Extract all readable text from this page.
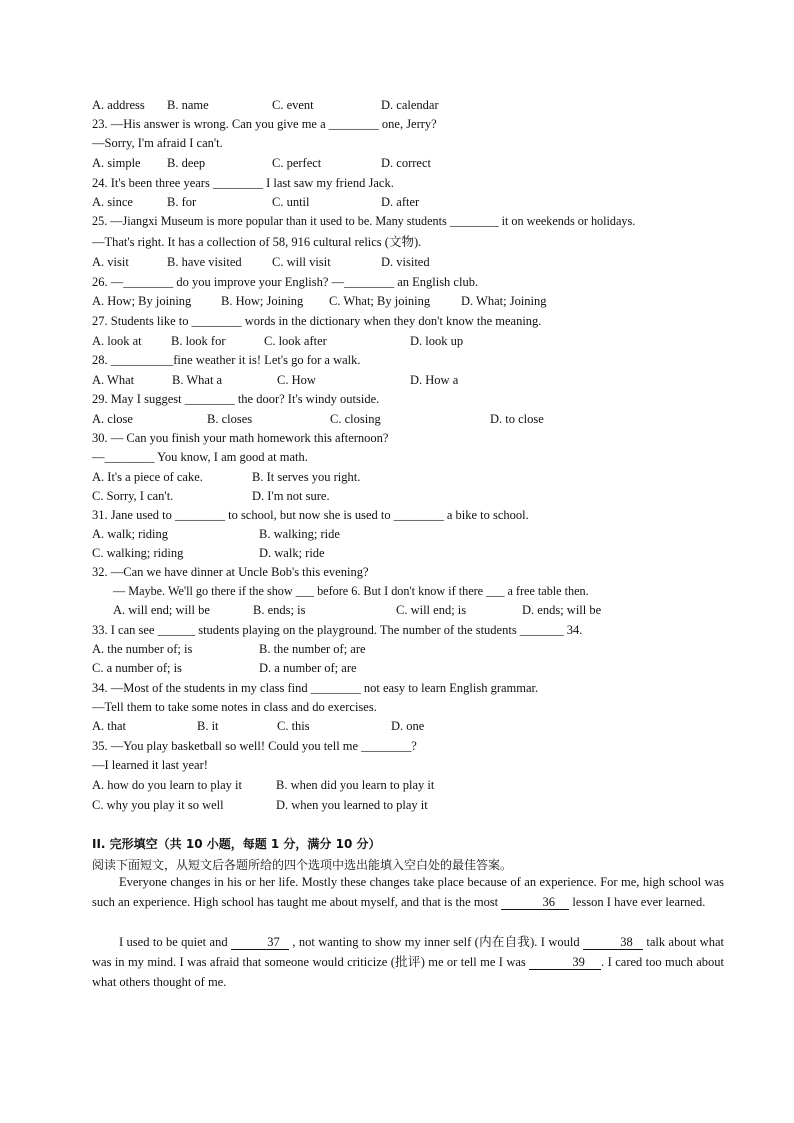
A. address B. name	C. event	D. calendar
23. —His answer is wrong. Can you give me a ________ one, Jerry?
—Sorry, I'm afraid I can't.
A. simple B. deep	C. perfect	D. correct
24. It's been three years ________ I last saw my friend Jack.
A. since	B. for	C. until	D. after
25. —Jiangxi Museum is more popular than it used to be. Many students ________ it on weekends or holidays.
—That's right. It has a collection of 58, 916 cultural relics (文物).
A. visit	B. have visited C. will visit	D. visited
26. —________ do you improve your English? —________ an English club.
A. How; By joining B. How; Joining C. What; By joining D. What; Joining
27. Students like to ________ words in the dictionary when they don't know the meaning.
A. look at B. look for	C. look after	D. look up
28. __________fine weather it is! Let's go for a walk.
A. What	B. What a	C. How	D. How a
29. May I suggest ________ the door? It's windy outside.
A. close	B. closes	C. closing	D. to close
30. — Can you finish your math homework this afternoon?
—________ You know, I am good at math.
A. It's a piece of cake.	B. It serves you right.
C. Sorry, I can't.	D. I'm not sure.
31. Jane used to ________ to school, but now she is used to ________ a bike to school.
A. walk; riding	B. walking; ride
C. walking; riding	D. walk; ride
32. —Can we have dinner at Uncle Bob's this evening?
— Maybe. We'll go there if the show ___ before 6. But I don't know if there ___ a free table then.
A. will end; will be	B. ends; is	C. will end; is	D. ends; will be
33. I can see ______ students playing on the playground. The number of the students _______ 34.
A. the number of; is	B. the number of; are
C. a number of; is	D. a number of; are
34. —Most of the students in my class find ________ not easy to learn English grammar.
—Tell them to take some notes in class and do exercises.
A. that	B. it	C. this	D. one
35. —You play basketball so well! Could you tell me ________?
—I learned it last year!
A. how do you learn to play it	B. when did you learn to play it
C. why you play it so well	D. when you learned to play it
II. 完形填空（共 10 小题，每题 1 分，满分 10 分）
阅读下面短文，从短文后各题所给的四个选项中选出能填入空白处的最佳答案。
Everyone changes in his or her life. Mostly these changes take place because of an experience. For me, high school was such an experience. High school has taught me about myself, and that is the most	36 lesson I have ever learned.
I used to be quiet and	37 , not wanting to show my inner self (内在自我). I would	38 talk about what was in my mind. I was afraid that someone would criticize (批评) me or tell me I was	39 . I cared too much about what others thought of me.
